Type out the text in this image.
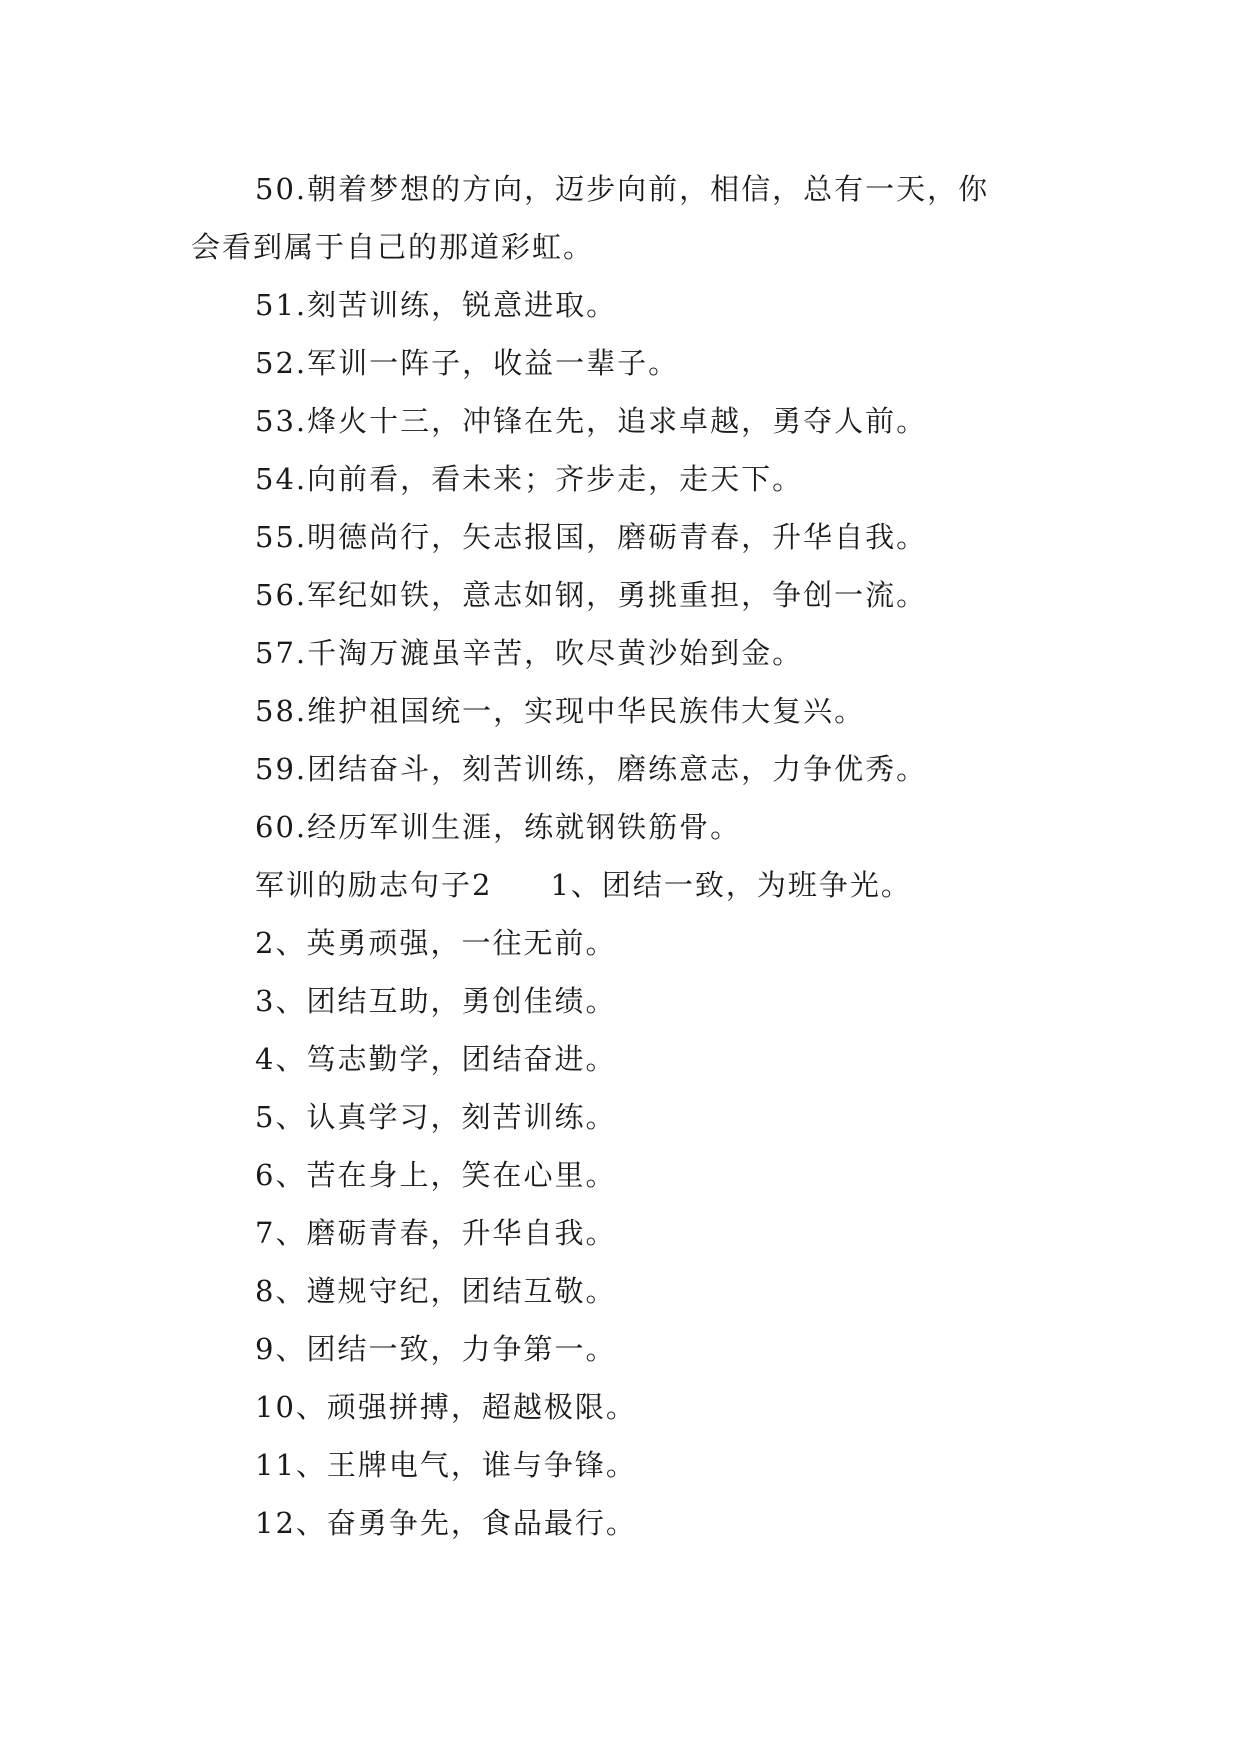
50.朝着梦想的方向，迈步向前，相信，总有一天，你
会看到属于自己的那道彩虹。
51.刻苦训练，锐意进取。
52.军训一阵子，收益一辈子。
53.烽火十三，冲锋在先，追求卓越，勇夺人前。
54.向前看，看未来；齐步走，走天下。
55.明德尚行，矢志报国，磨砺青春，升华自我。
56.军纪如铁，意志如钢，勇挑重担，争创一流。
57.千淘万漉虽辛苦，吹尽黄沙始到金。
58.维护祖国统一，实现中华民族伟大复兴。
59.团结奋斗，刻苦训练，磨练意志，力争优秀。
60.经历军训生涯，练就钢铁筋骨。
军训的励志句子2 1、团结一致，为班争光。
2、英勇顽强，一往无前。
3、团结互助，勇创佳绩。
4、笃志勤学，团结奋进。
5、认真学习，刻苦训练。
6、苦在身上，笑在心里。
7、磨砺青春，升华自我。
8、遵规守纪，团结互敬。
9、团结一致，力争第一。
10、顽强拼搏，超越极限。
11、王牌电气，谁与争锋。
12、奋勇争先，食品最行。
